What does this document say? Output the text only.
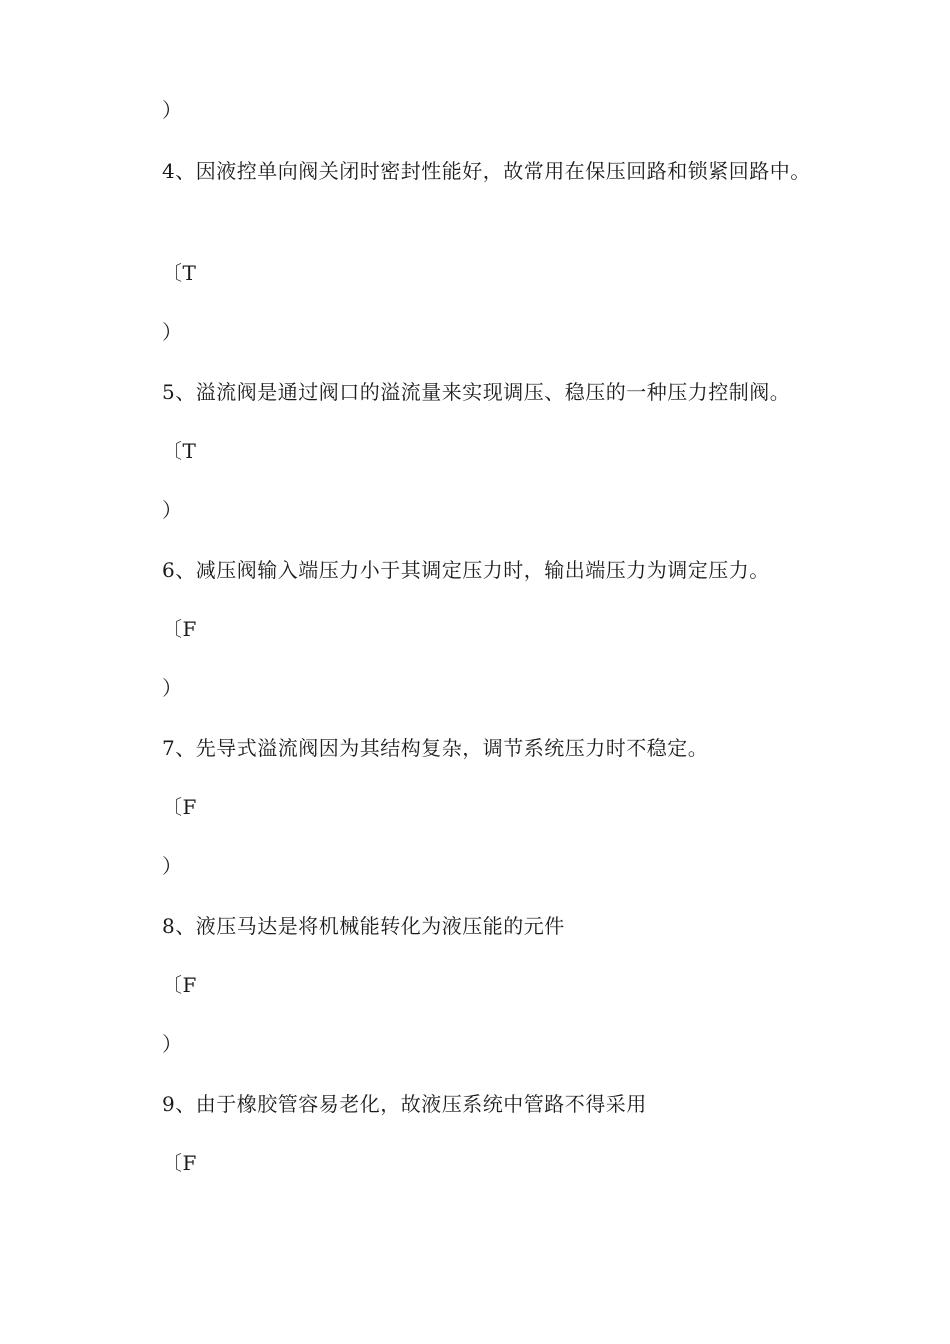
）
4、因液控单向阀关闭时密封性能好，故常用在保压回路和锁紧回路中。
〔T
）
5、溢流阀是通过阀口的溢流量来实现调压、稳压的一种压力控制阀。
〔T
）
6、减压阀输入端压力小于其调定压力时，输出端压力为调定压力。
〔F
）
7、先导式溢流阀因为其结构复杂，调节系统压力时不稳定。
〔F
）
8、液压马达是将机械能转化为液压能的元件
〔F
）
9、由于橡胶管容易老化，故液压系统中管路不得采用
〔F
